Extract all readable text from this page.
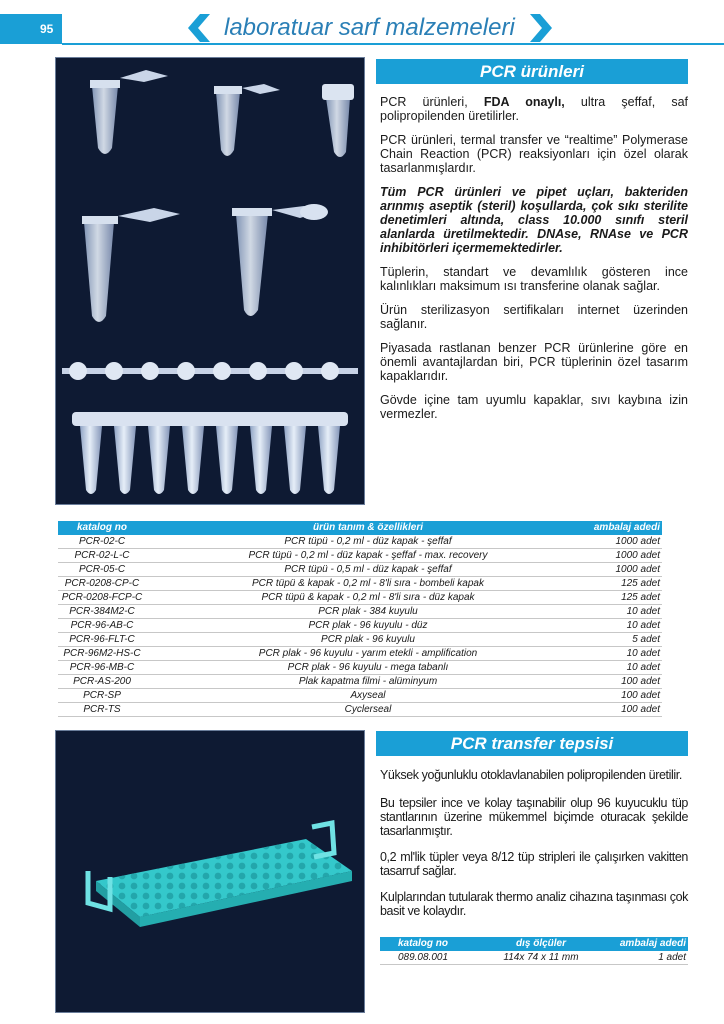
95	laboratuar sarf malzemeleri
PCR ürünleri

PCR ürünleri, FDA onaylı, ultra şeffaf, saf polipropilenden üretilirler.

PCR ürünleri, termal transfer ve “realtime” Polymerase Chain Reaction (PCR) reaksiyonları için özel olarak tasarlanmışlardır.

Tüm PCR ürünleri ve pipet uçları, bakteriden arınmış aseptik (steril) koşullarda, çok sıkı sterilite denetimleri altında, class 10.000 sınıfı steril alanlarda üretilmektedir. DNAse, RNAse ve PCR inhibitörleri içermemektedirler.

Tüplerin, standart ve devamlılık gösteren ince kalınlıkları maksimum ısı transferine olanak sağlar.

Ürün sterilizasyon sertifikaları internet üzerinden sağlanır.

Piyasada rastlanan benzer PCR ürünlerine göre en önemli avantajlardan biri, PCR tüplerinin özel tasarım kapaklarıdır.

Gövde içine tam uyumlu kapaklar, sıvı kaybına izin vermezler.

katalog no	ürün tanım & özellikleri	ambalaj adedi
PCR-02-C	PCR tüpü - 0,2 ml - düz kapak - şeffaf	1000 adet
PCR-02-L-C	PCR tüpü - 0,2 ml - düz kapak - şeffaf - max. recovery	1000 adet
PCR-05-C	PCR tüpü - 0,5 ml - düz kapak - şeffaf	1000 adet
PCR-0208-CP-C	PCR tüpü & kapak - 0,2 ml - 8'li sıra - bombeli kapak	125 adet
PCR-0208-FCP-C	PCR tüpü & kapak - 0,2 ml - 8'li sıra - düz kapak	125 adet
PCR-384M2-C	PCR plak - 384 kuyulu	10 adet
PCR-96-AB-C	PCR plak - 96 kuyulu - düz	10 adet
PCR-96-FLT-C	PCR plak - 96 kuyulu	5 adet
PCR-96M2-HS-C	PCR plak - 96 kuyulu - yarım etekli - amplification	10 adet
PCR-96-MB-C	PCR plak - 96 kuyulu - mega tabanlı	10 adet
PCR-AS-200	Plak kapatma filmi - alüminyum	100 adet
PCR-SP	Axyseal	100 adet
PCR-TS	Cyclerseal	100 adet
PCR transfer tepsisi

Yüksek yoğunluklu otoklavlanabilen polipropilenden üretilir.

Bu tepsiler ince ve kolay taşınabilir olup 96 kuyucuklu tüp stantlarının üzerine mükemmel biçimde oturacak şekilde tasarlanmıştır.

0,2 ml'lik tüpler veya 8/12 tüp stripleri ile çalışırken vakitten tasarruf sağlar.

Kulplarından tutularak thermo analiz cihazına taşınması çok basit ve kolaydır.

katalog no	dış ölçüler	ambalaj adedi
089.08.001	114x 74 x 11 mm	1 adet
